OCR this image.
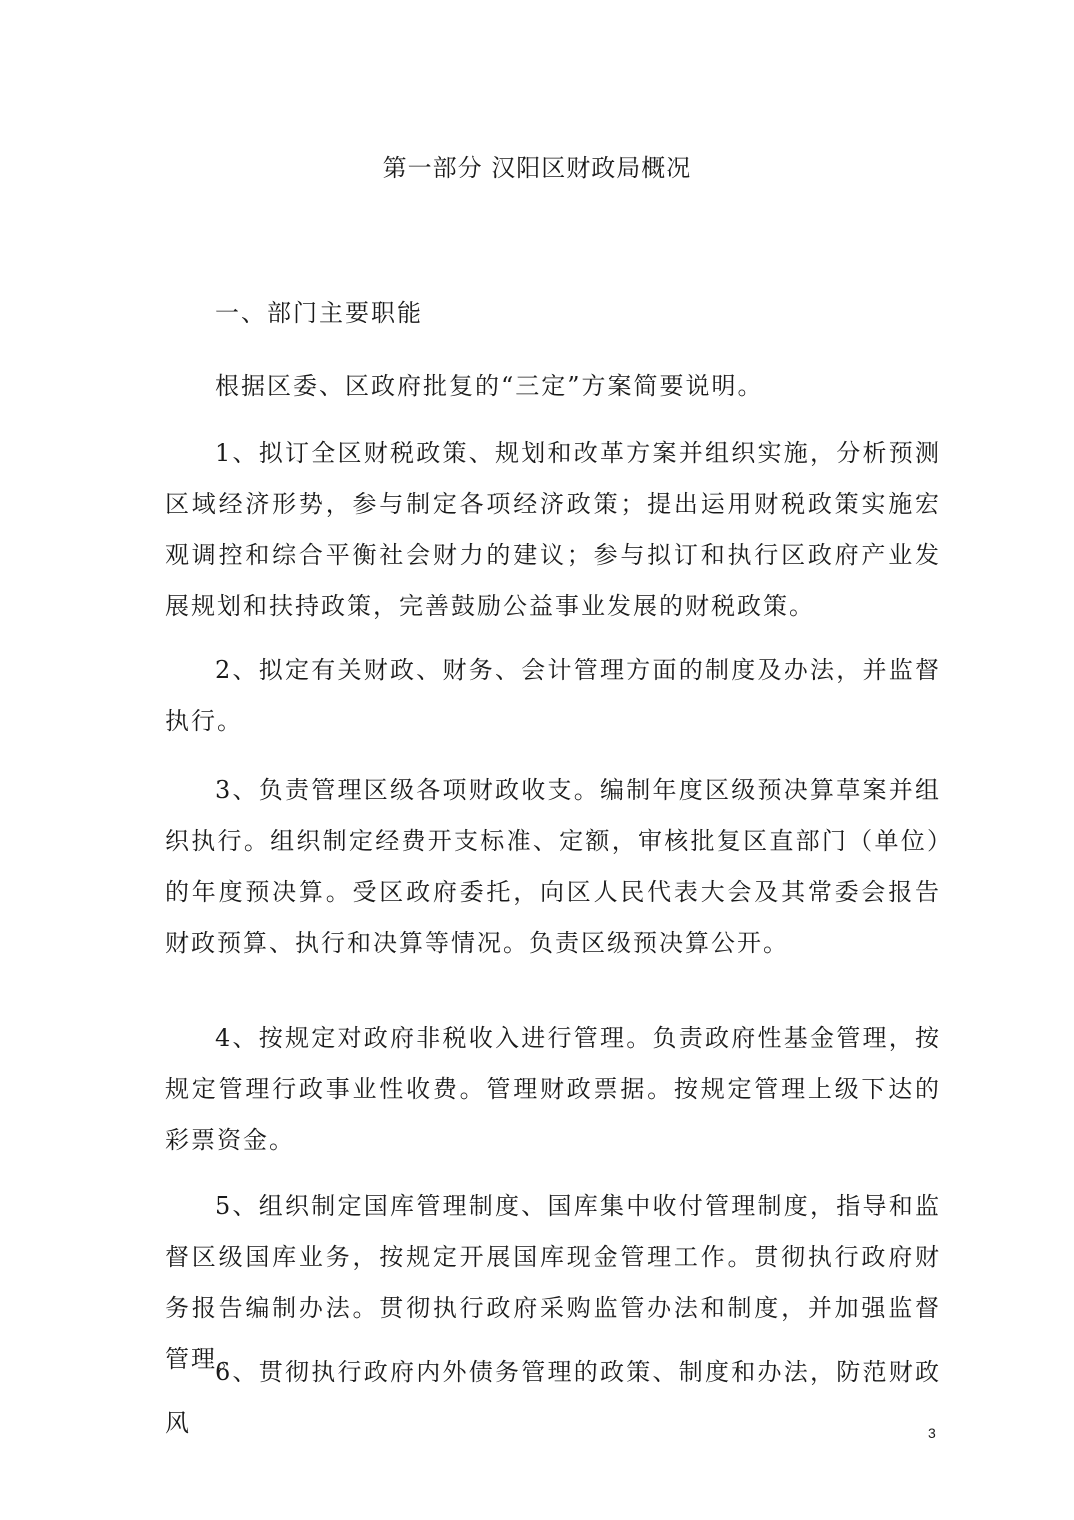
第一部分 汉阳区财政局概况
一、部门主要职能

根据区委、区政府批复的“三定”方案简要说明。

1、拟订全区财税政策、规划和改革方案并组织实施，分析预测区域经济形势，参与制定各项经济政策；提出运用财税政策实施宏观调控和综合平衡社会财力的建议；参与拟订和执行区政府产业发展规划和扶持政策，完善鼓励公益事业发展的财税政策。

2、拟定有关财政、财务、会计管理方面的制度及办法，并监督执行。

3、负责管理区级各项财政收支。编制年度区级预决算草案并组织执行。组织制定经费开支标准、定额，审核批复区直部门（单位）的年度预决算。受区政府委托，向区人民代表大会及其常委会报告财政预算、执行和决算等情况。负责区级预决算公开。

4、按规定对政府非税收入进行管理。负责政府性基金管理，按规定管理行政事业性收费。管理财政票据。按规定管理上级下达的彩票资金。

5、组织制定国库管理制度、国库集中收付管理制度，指导和监督区级国库业务，按规定开展国库现金管理工作。贯彻执行政府财务报告编制办法。贯彻执行政府采购监管办法和制度，并加强监督管理。

6、贯彻执行政府内外债务管理的政策、制度和办法，防范财政风	3
